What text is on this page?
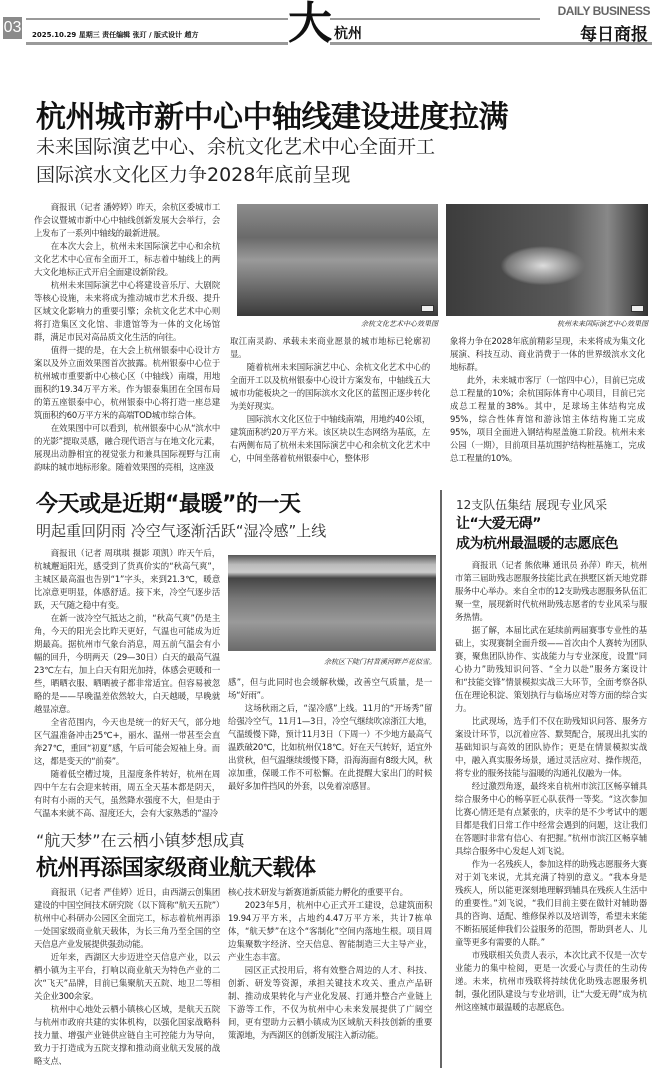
03 2025.10.29 星期三 责任编辑 张玎 / 版式设计 趙方 大 杭州
DAILY BUSINESS
每日商报
杭州城市新中心中轴线建设进度拉满
未来国际演艺中心、余杭文化艺术中心全面开工
国际滨水文化区力争2028年底前呈现

商报讯（记者 潘婷婷）昨天，余杭区委城市工作会议暨城市新中心中轴线创新发展大会举行，会上发布了一系列中轴线的最新进展。

在本次大会上，杭州未来国际演艺中心和余杭文化艺术中心宣布全面开工，标志着中轴线上的两大文化地标正式开启全面建设新阶段。

杭州未来国际演艺中心将建设音乐厅、大剧院等核心设施，未来将成为推动城市艺术升级、提升区域文化影响力的重要引擎；余杭文化艺术中心则将打造集区文化馆、非遗馆等为一体的文化场馆群，满足市民对高品质文化生活的向往。

值得一提的是，在大会上杭州银泰中心设计方案以及外立面效果图首次披露。杭州银泰中心位于杭州城市重要新中心核心区（中轴线）南端，用地面积约19.34万平方米。作为银泰集团在全国布局的第五座银泰中心，杭州银泰中心将打造一座总建筑面积约60万平方米的高端TOD城市综合体。

在效果图中可以看到，杭州银泰中心从“滨水中的光影”提取灵感，融合现代语言与在地文化元素，展现出动静相宜的视觉张力和兼具国际视野与江南韵味的城市地标形象。随着效果图的亮相，这座汲

余杭文化艺术中心效果图	杭州未来国际演艺中心效果图

取江南灵韵、承载未来商业愿景的城市地标已轮廓初显。

随着杭州未来国际演艺中心、余杭文化艺术中心的全面开工以及杭州银泰中心设计方案发布，中轴线五大城市功能板块之一的国际滨水文化区的蓝图正逐步转化为美好现实。

国际滨水文化区位于中轴线南端，用地约40公顷，建筑面积约20万平方米。该区块以生态网络为基底，左右两侧布局了杭州未来国际演艺中心和余杭文化艺术中心，中间坐落着杭州银泰中心，整体形

象将力争在2028年底前精彩呈现，未来将成为集文化展演、科技互动、商业消费于一体的世界级滨水文化地标群。

此外，未来城市客厅（一馆四中心），目前已完成总工程量的10%；余杭国际体育中心项目，目前已完成总工程量的38%。其中，足球场主体结构完成95%，综合性体育馆和游泳馆主体结构施工完成95%，项目全面进入钢结构屋盖施工阶段。杭州未来公园（一期），目前项目基坑围护结构桩基施工，完成总工程量的10%。

今天或是近期“最暖”的一天
明起重回阴雨 冷空气逐渐活跃“湿冷感”上线

商报讯（记者 周琪琪 摄影 项凯）昨天午后，杭城邂逅阳光，感受到了货真价实的“秋高气爽”，主城区最高温也告别“1”字头，来到21.3℃，暖意比凉意更明显，体感舒适。接下来，冷空气逐步活跃，天气随之稳中有变。

在新一波冷空气抵达之前，“秋高气爽”仍是主角，今天的阳光会比昨天更好，气温也可能成为近期最高。据杭州市气象台消息，周五前气温会有小幅的回升，今明两天（29—30日）白天的最高气温23℃左右，加上白天有阳光加持，体感会更暖和一些，晒晒衣服、晒晒被子都非常适宜。但容易被忽略的是——早晚温差依然较大，白天越暖，早晚就越显凉意。

全省范围内，今天也是统一的好天气，部分地区气温准备冲击25℃+，丽水、温州一带甚至会直奔27℃，重回“初夏”感，午后可能会短袖上身。而这，都是变天的“前奏”。

随着低空槽过境，且湿度条件转好，杭州在周四中午左右会迎来转雨，周五全天基本都是阴天，有时有小雨的天气，虽然降水强度不大，但是由于气温本来就不高、湿度还大，会有大家熟悉的“湿冷

余杭区下陡门村苕溪河畔芦花似雪。

感”，但与此同时也会缓解秋燥，改善空气质量，是一场“好雨”。

这场秋雨之后，“湿冷感”上线。11月的“开场秀”留给强冷空气，11月1—3日，冷空气继续吹凉浙江大地，气温缓慢下降，预计11月3日（下周一）不少地方最高气温跌破20℃，比如杭州仅18℃。好在天气转好，适宜外出赏秋，但气温继续缓慢下降，沿海海面有8级大风，秋凉加重，保暖工作不可松懈。在此提醒大家出门的时候最好多加件挡风的外套，以免着凉感冒。

12支队伍集结 展现专业风采
让“大爱无碍”
成为杭州最温暖的志愿底色

商报讯（记者 熊依琳 通讯员 孙萍）昨天，杭州市第三届助残志愿服务技能比武在拱墅区新天地党群服务中心举办。来自全市的12支助残志愿服务队伍汇聚一堂，展现新时代杭州助残志愿者的专业风采与服务热情。

据了解，本届比武在延续前两届赛事专业性的基础上，实现赛制全面升级——首次由个人赛转为团队赛，聚焦团队协作、实战能力与专业深度，设置“同心协力”助残知识问答、“全力以赴”服务方案设计和“技能交锋”情景模拟实战三大环节，全面考察各队伍在理论积淀、策划执行与临场应对等方面的综合实力。

比武现场，选手们不仅在助残知识问答、服务方案设计环节，以沉着应答、默契配合，展现出扎实的基础知识与高效的团队协作；更是在情景模拟实战中，融入真实服务场景，通过灵活应对、操作规范，将专业的服务技能与温暖的沟通礼仪融为一体。

经过激烈角逐，最终来自杭州市滨江区畅享辅具综合服务中心的畅享匠心队获得一等奖。“这次参加比赛心情还是有点紧张的，庆幸的是不少考试中的题目都是我们日常工作中经常会遇到的问题，这让我们在答题时非常有信心、有把握。”杭州市滨江区畅享辅具综合服务中心发起人刘飞说。

作为一名残疾人，参加这样的助残志愿服务大赛对于刘飞来说，尤其充满了特别的意义。“我本身是残疾人，所以能更深刻地理解到辅具在残疾人生活中的重要性。”刘飞说，“我们目前主要在做针对辅助器具的咨询、适配、维修保养以及培训等，希望未来能不断拓展延伸我们公益服务的范围，帮助到老人、儿童等更多有需要的人群。”

市残联相关负责人表示，本次比武不仅是一次专业能力的集中检阅，更是一次爱心与责任的生动传递。未来，杭州市残联将持续优化助残志愿服务机制，强化团队建设与专业培训，让“大爱无碍”成为杭州这座城市最温暖的志愿底色。

“航天梦”在云栖小镇梦想成真
杭州再添国家级商业航天载体

商报讯（记者 严佳婷）近日，由西湖云创集团建设的中国空间技术研究院（以下简称“航天五院”）杭州中心科研办公园区全面完工，标志着杭州再添一处国家级商业航天载体，为长三角乃至全国的空天信息产业发展提供强劲动能。

近年来，西湖区大步迈进空天信息产业，以云栖小镇为主平台，打响以商业航天为特色产业的二次“飞天”品牌，目前已集聚航天五院、地卫二等相关企业300余家。

杭州中心地处云栖小镇核心区域，是航天五院与杭州市政府共建的实体机构，以强化国家战略科技力量、增强产业链供应链自主可控能力为导向，致力于打造成为五院支撑和推动商业航天发展的战略支点、

核心技术研发与新赛道新质能力孵化的重要平台。

2023年5月，杭州中心正式开工建设，总建筑面积19.94万平方米，占地约4.47万平方米，共计7栋单体，“航天梦”在这个“客制化”空间内落地生根。项目周边集聚数字经济、空天信息、智能制造三大主导产业，产业生态丰富。

园区正式投用后，将有效整合周边的人才、科技、创新、研发等资源，承担关键技术攻关、重点产品研制、推动成果转化与产业化发展、打通并整合产业链上下游等工作，不仅为杭州中心未来发展提供了广阔空间，更有望助力云栖小镇成为区域航天科技创新的重要策源地，为西湖区的创新发展注入新动能。
